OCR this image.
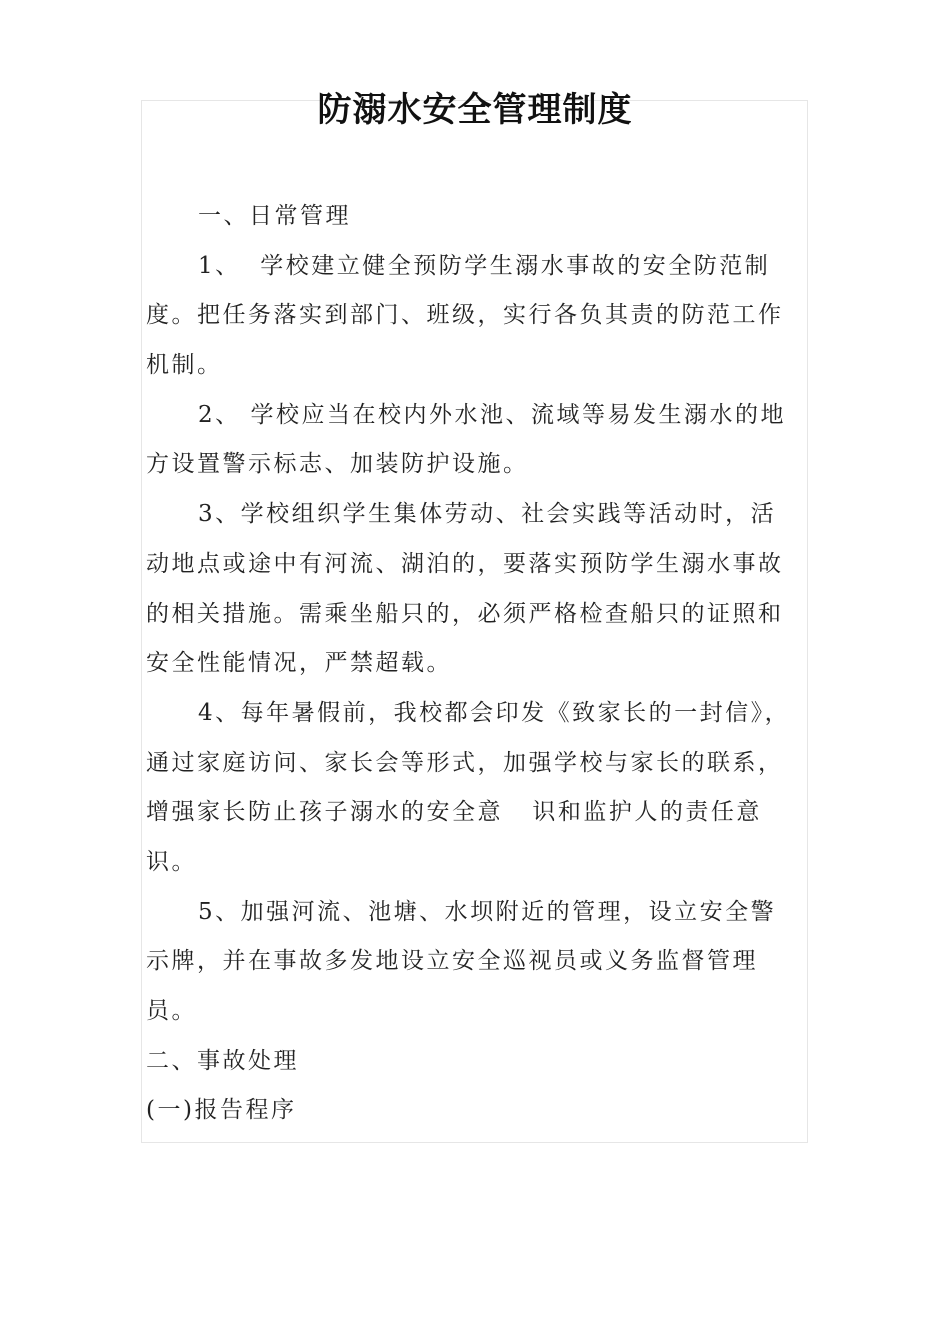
防溺水安全管理制度
一、日常管理
1、  学校建立健全预防学生溺水事故的安全防范制
度。把任务落实到部门、班级，实行各负其责的防范工作
机制。
2、 学校应当在校内外水池、流域等易发生溺水的地
方设置警示标志、加装防护设施。
3、学校组织学生集体劳动、社会实践等活动时，活
动地点或途中有河流、湖泊的，要落实预防学生溺水事故
的相关措施。需乘坐船只的，必须严格检查船只的证照和
安全性能情况，严禁超载。
4、每年暑假前，我校都会印发《致家长的一封信》，
通过家庭访问、家长会等形式，加强学校与家长的联系，
增强家长防止孩子溺水的安全意   识和监护人的责任意
识。
5、加强河流、池塘、水坝附近的管理，设立安全警
示牌，并在事故多发地设立安全巡视员或义务监督管理
员。
二、事故处理
(一)报告程序
